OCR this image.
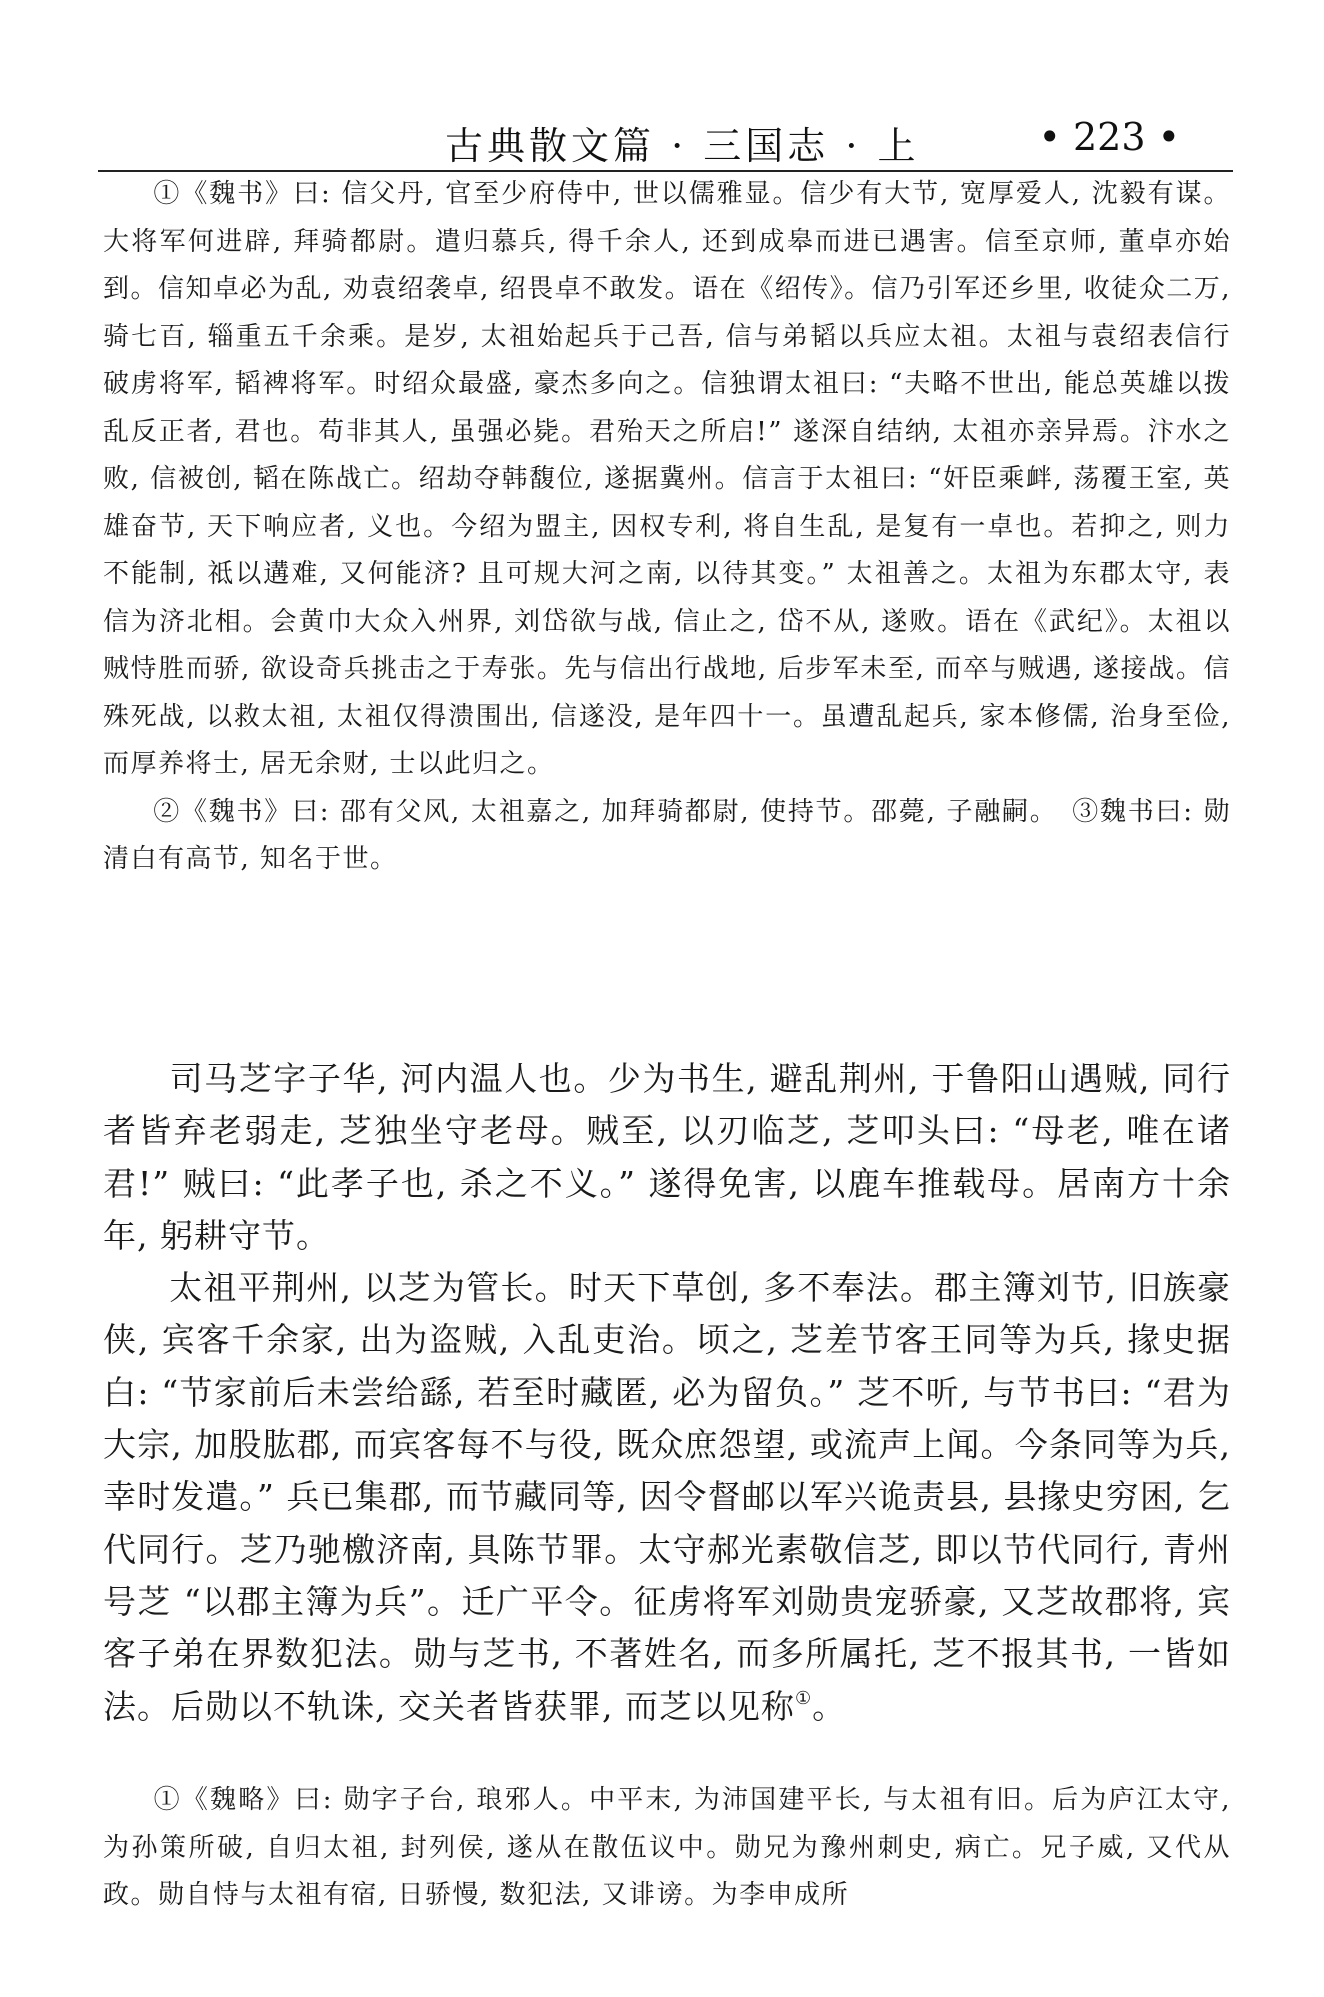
古典散文篇 · 三国志 · 上	• 223 •

①《魏书》曰: 信父丹, 官至少府侍中, 世以儒雅显。信少有大节, 宽厚爱人, 沈毅有谋。大将军何进辟, 拜骑都尉。遣归慕兵, 得千余人, 还到成皋而进已遇害。信至京师, 董卓亦始到。信知卓必为乱, 劝袁绍袭卓, 绍畏卓不敢发。语在《绍传》。信乃引军还乡里, 收徒众二万, 骑七百, 辎重五千余乘。是岁, 太祖始起兵于己吾, 信与弟韬以兵应太祖。太祖与袁绍表信行破虏将军, 韬裨将军。时绍众最盛, 豪杰多向之。信独谓太祖曰: “夫略不世出, 能总英雄以拨乱反正者, 君也。苟非其人, 虽强必毙。君殆天之所启!” 遂深自结纳, 太祖亦亲异焉。汴水之败, 信被创, 韬在陈战亡。绍劫夺韩馥位, 遂据冀州。信言于太祖曰: “奸臣乘衅, 荡覆王室, 英雄奋节, 天下响应者, 义也。今绍为盟主, 因权专利, 将自生乱, 是复有一卓也。若抑之, 则力不能制, 祗以遘难, 又何能济? 且可规大河之南, 以待其变。” 太祖善之。太祖为东郡太守, 表信为济北相。会黄巾大众入州界, 刘岱欲与战, 信止之, 岱不从, 遂败。语在《武纪》。太祖以贼恃胜而骄, 欲设奇兵挑击之于寿张。先与信出行战地, 后步军未至, 而卒与贼遇, 遂接战。信殊死战, 以救太祖, 太祖仅得溃围出, 信遂没, 是年四十一。虽遭乱起兵, 家本修儒, 治身至俭, 而厚养将士, 居无余财, 士以此归之。

②《魏书》曰: 邵有父风, 太祖嘉之, 加拜骑都尉, 使持节。邵薨, 子融嗣。　③魏书曰: 勋清白有高节, 知名于世。

司马芝字子华, 河内温人也。少为书生, 避乱荆州, 于鲁阳山遇贼, 同行者皆弃老弱走, 芝独坐守老母。贼至, 以刃临芝, 芝叩头曰: “母老, 唯在诸君!” 贼曰: “此孝子也, 杀之不义。” 遂得免害, 以鹿车推载母。居南方十余年, 躬耕守节。

太祖平荆州, 以芝为管长。时天下草创, 多不奉法。郡主簿刘节, 旧族豪侠, 宾客千余家, 出为盗贼, 入乱吏治。顷之, 芝差节客王同等为兵, 掾史据白: “节家前后未尝给繇, 若至时藏匿, 必为留负。” 芝不听, 与节书曰: “君为大宗, 加股肱郡, 而宾客每不与役, 既众庶怨望, 或流声上闻。今条同等为兵, 幸时发遣。” 兵已集郡, 而节藏同等, 因令督邮以军兴诡责县, 县掾史穷困, 乞代同行。芝乃驰檄济南, 具陈节罪。太守郝光素敬信芝, 即以节代同行, 青州号芝 “以郡主簿为兵”。迁广平令。征虏将军刘勋贵宠骄豪, 又芝故郡将, 宾客子弟在界数犯法。勋与芝书, 不著姓名, 而多所属托, 芝不报其书, 一皆如法。后勋以不轨诛, 交关者皆获罪, 而芝以见称①。

①《魏略》曰: 勋字子台, 琅邪人。中平末, 为沛国建平长, 与太祖有旧。后为庐江太守, 为孙策所破, 自归太祖, 封列侯, 遂从在散伍议中。勋兄为豫州刺史, 病亡。兄子威, 又代从政。勋自恃与太祖有宿, 日骄慢, 数犯法, 又诽谤。为李申成所
